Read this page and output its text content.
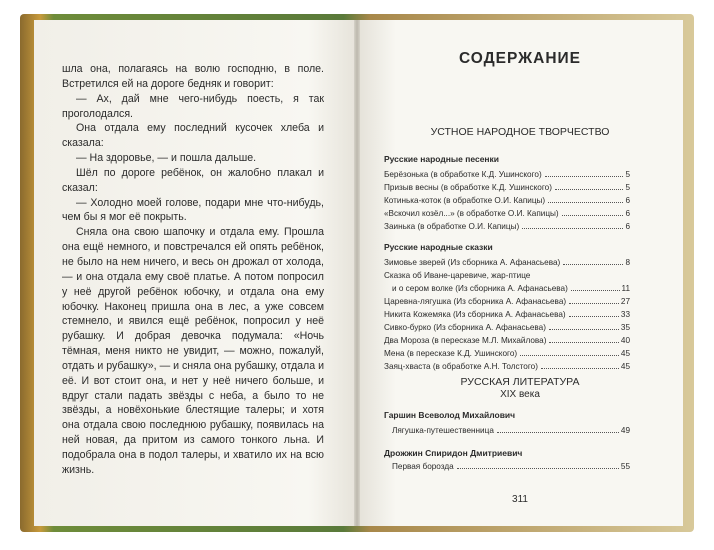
шла она, полагаясь на волю господню, в поле. Встретился ей на дороге бедняк и говорит:

— Ах, дай мне чего-нибудь поесть, я так проголодался.

Она отдала ему последний кусочек хлеба и сказала:

— На здоровье, — и пошла дальше.

Шёл по дороге ребёнок, он жалобно плакал и сказал:

— Холодно моей голове, подари мне что-нибудь, чем бы я мог её покрыть.

Сняла она свою шапочку и отдала ему. Прошла она ещё немного, и повстречался ей опять ребёнок, не было на нем ничего, и весь он дрожал от холода, — и она отдала ему своё платье. А потом попросил у неё другой ребёнок юбочку, и отдала она ему юбочку. Наконец пришла она в лес, а уже совсем стемнело, и явился ещё ребёнок, попросил у неё рубашку. И добрая девочка подумала: «Ночь тёмная, меня никто не увидит, — можно, пожалуй, отдать и рубашку», — и сняла она рубашку, отдала и её. И вот стоит она, и нет у неё ничего больше, и вдруг стали падать звёзды с неба, а было то не звёзды, а новёхонькие блестящие талеры; и хотя она отдала свою последнюю рубашку, появилась на ней новая, да притом из самого тонкого льна. И подобрала она в подол талеры, и хватило их на всю жизнь.

СОДЕРЖАНИЕ
УСТНОЕ НАРОДНОЕ ТВОРЧЕСТВО
Русские народные песенки
Берёзонька (в обработке К.Д. Ушинского)	5
Призыв весны (в обработке К.Д. Ушинского)	5
Котинька-коток (в обработке О.И. Капицы)	6
«Вскочил козёл...» (в обработке О.И. Капицы)	6
Заинька (в обработке О.И. Капицы)	6
Русские народные сказки
Зимовье зверей (Из сборника А. Афанасьева)	8
Сказка об Иване-царевиче, жар-птице
и о сером волке (Из сборника А. Афанасьева)	11
Царевна-лягушка (Из сборника А. Афанасьева)	27
Никита Кожемяка (Из сборника А. Афанасьева)	33
Сивко-бурко (Из сборника А. Афанасьева)	35
Два Мороза (в пересказе М.Л. Михайлова)	40
Мена (в пересказе К.Д. Ушинского)	45
Заяц-хваста (в обработке А.Н. Толстого)	45
РУССКАЯ ЛИТЕРАТУРА
XIX века
Гаршин Всеволод Михайлович
Лягушка-путешественница	49
Дрожжин Спиридон Дмитриевич
Первая борозда	55
311
